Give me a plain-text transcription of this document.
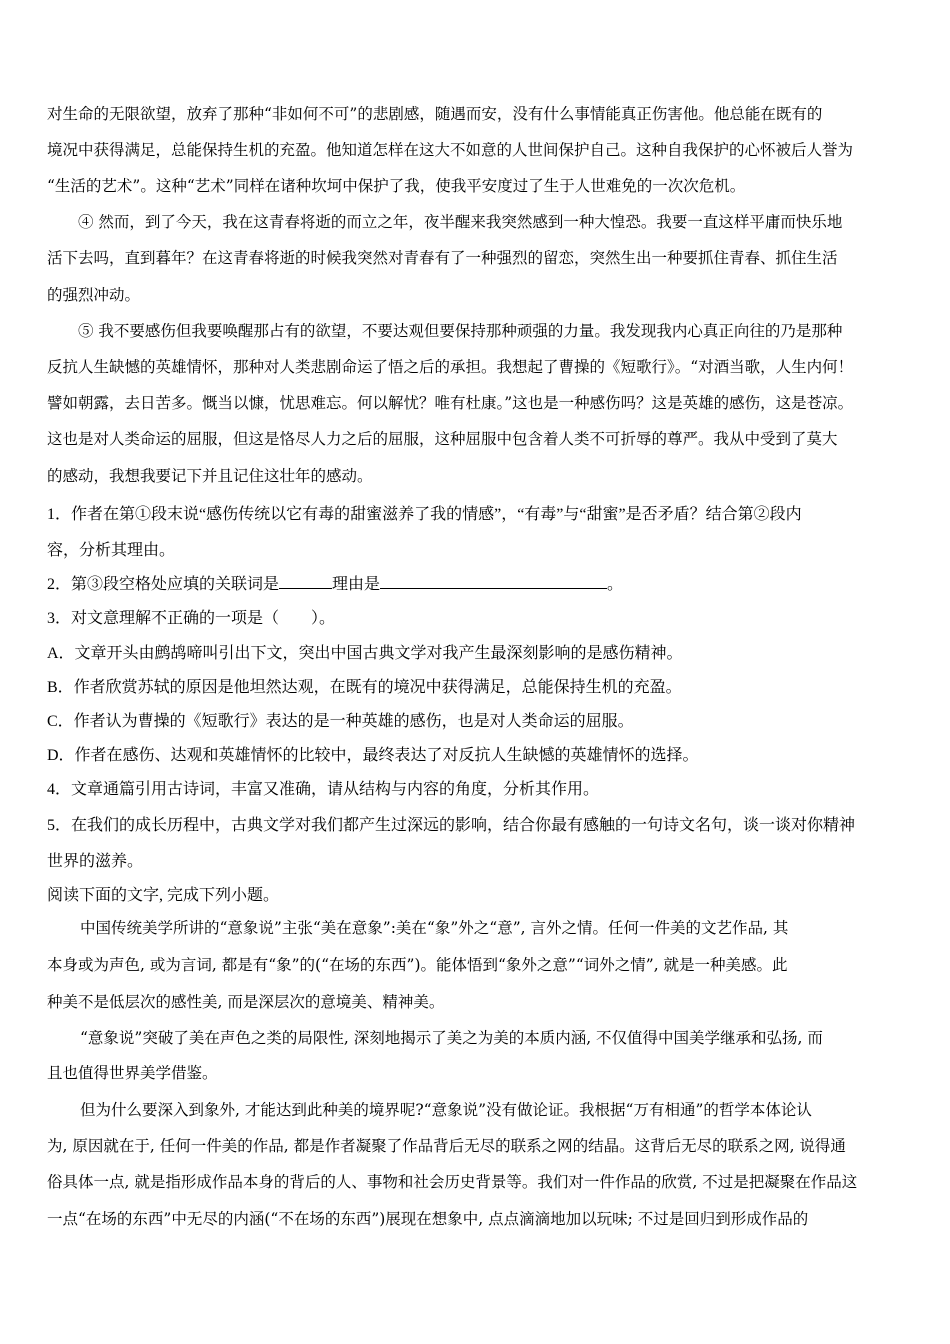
对生命的无限欲望，放弃了那种“非如何不可”的悲剧感，随遇而安，没有什么事情能真正伤害他。他总能在既有的

境况中获得满足，总能保持生机的充盈。他知道怎样在这大不如意的人世间保护自己。这种自我保护的心怀被后人誉为

“生活的艺术”。这种“艺术”同样在诸种坎坷中保护了我，使我平安度过了生于人世难免的一次次危机。

④ 然而，到了今天，我在这青春将逝的而立之年，夜半醒来我突然感到一种大惶恐。我要一直这样平庸而快乐地

活下去吗，直到暮年？在这青春将逝的时候我突然对青春有了一种强烈的留恋，突然生出一种要抓住青春、抓住生活

的强烈冲动。

⑤ 我不要感伤但我要唤醒那占有的欲望，不要达观但要保持那种顽强的力量。我发现我内心真正向往的乃是那种

反抗人生缺憾的英雄情怀，那种对人类悲剧命运了悟之后的承担。我想起了曹操的《短歌行》。“对酒当歌，人生内何！

譬如朝露，去日苦多。慨当以慷，忧思难忘。何以解忧？唯有杜康。”这也是一种感伤吗？这是英雄的感伤，这是苍凉。

这也是对人类命运的屈服，但这是恪尽人力之后的屈服，这种屈服中包含着人类不可折辱的尊严。我从中受到了莫大

的感动，我想我要记下并且记住这壮年的感动。

1．作者在第①段末说“感伤传统以它有毒的甜蜜滋养了我的情感”，“有毒”与“甜蜜”是否矛盾？结合第②段内

容，分析其理由。

2．第③段空格处应填的关联词是	理由是	。

3．对文意理解不正确的一项是（　　）。

A．文章开头由鹧鸪啼叫引出下文，突出中国古典文学对我产生最深刻影响的是感伤精神。

B．作者欣赏苏轼的原因是他坦然达观，在既有的境况中获得满足，总能保持生机的充盈。

C．作者认为曹操的《短歌行》表达的是一种英雄的感伤，也是对人类命运的屈服。

D．作者在感伤、达观和英雄情怀的比较中，最终表达了对反抗人生缺憾的英雄情怀的选择。

4．文章通篇引用古诗词，丰富又准确，请从结构与内容的角度，分析其作用。

5．在我们的成长历程中，古典文学对我们都产生过深远的影响，结合你最有感触的一句诗文名句，谈一谈对你精神

世界的滋养。

阅读下面的文字, 完成下列小题。

中国传统美学所讲的“意象说”主张“美在意象”:美在“象”外之“意”, 言外之情。任何一件美的文艺作品, 其

本身或为声色, 或为言词, 都是有“象”的(“在场的东西”)。能体悟到“象外之意”“词外之情”, 就是一种美感。此

种美不是低层次的感性美, 而是深层次的意境美、精神美。

“意象说”突破了美在声色之类的局限性, 深刻地揭示了美之为美的本质内涵, 不仅值得中国美学继承和弘扬, 而

且也值得世界美学借鉴。

但为什么要深入到象外, 才能达到此种美的境界呢?“意象说”没有做论证。我根据“万有相通”的哲学本体论认

为, 原因就在于, 任何一件美的作品, 都是作者凝聚了作品背后无尽的联系之网的结晶。这背后无尽的联系之网, 说得通

俗具体一点, 就是指形成作品本身的背后的人、事物和社会历史背景等。我们对一件作品的欣赏, 不过是把凝聚在作品这

一点“在场的东西”中无尽的内涵(“不在场的东西”)展现在想象中, 点点滴滴地加以玩味; 不过是回归到形成作品的
